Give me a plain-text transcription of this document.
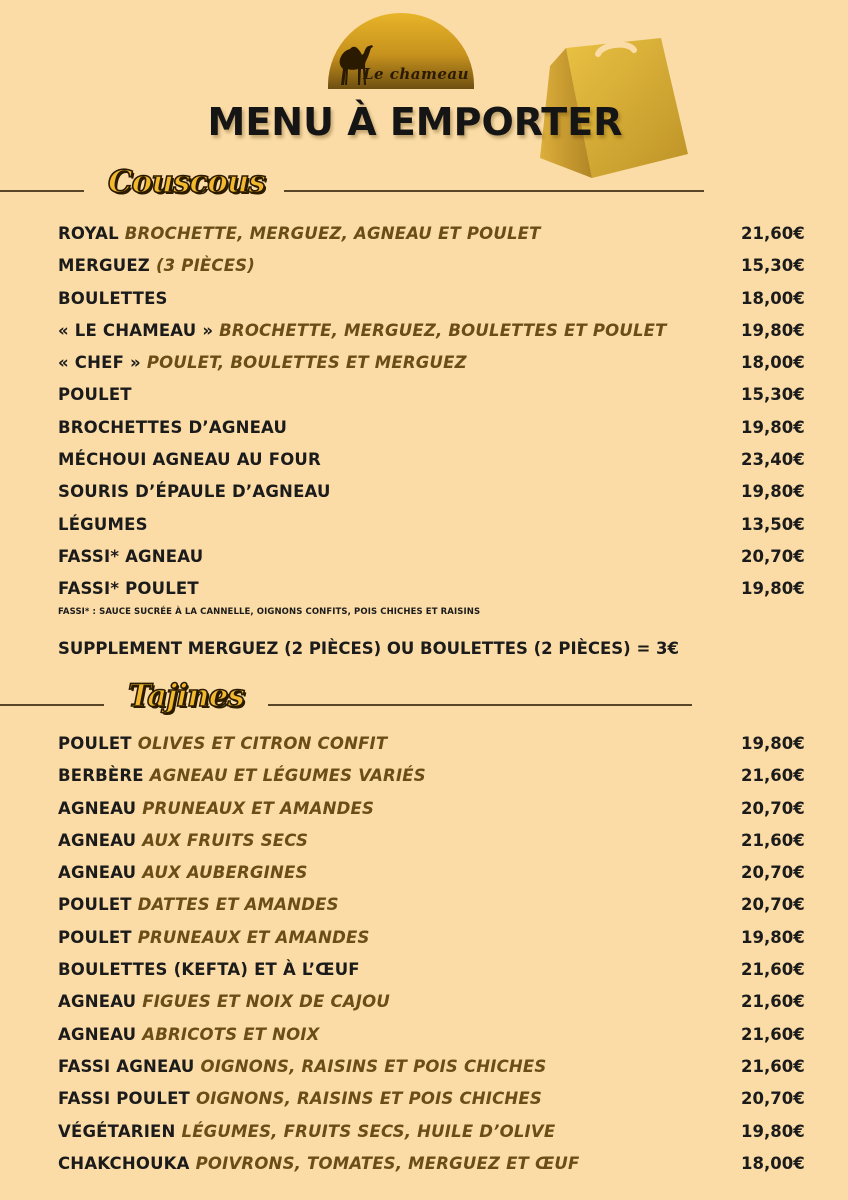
Le chameau
MENU À EMPORTER
Couscous
ROYAL BROCHETTE, MERGUEZ, AGNEAU ET POULET	21,60€
MERGUEZ (3 PIÈCES)	15,30€
BOULETTES	18,00€
« LE CHAMEAU » BROCHETTE, MERGUEZ, BOULETTES ET POULET	19,80€
« CHEF » POULET, BOULETTES ET MERGUEZ	18,00€
POULET	15,30€
BROCHETTES D’AGNEAU	19,80€
MÉCHOUI AGNEAU AU FOUR	23,40€
SOURIS D’ÉPAULE D’AGNEAU	19,80€
LÉGUMES	13,50€
FASSI* AGNEAU	20,70€
FASSI* POULET	19,80€
FASSI* : SAUCE SUCRÉE À LA CANNELLE, OIGNONS CONFITS, POIS CHICHES ET RAISINS
SUPPLEMENT MERGUEZ (2 PIÈCES) OU BOULETTES (2 PIÈCES) = 3€
Tajines
POULET OLIVES ET CITRON CONFIT	19,80€
BERBÈRE AGNEAU ET LÉGUMES VARIÉS	21,60€
AGNEAU PRUNEAUX ET AMANDES	20,70€
AGNEAU AUX FRUITS SECS	21,60€
AGNEAU AUX AUBERGINES	20,70€
POULET DATTES ET AMANDES	20,70€
POULET PRUNEAUX ET AMANDES	19,80€
BOULETTES (KEFTA) ET À L’ŒUF	21,60€
AGNEAU FIGUES ET NOIX DE CAJOU	21,60€
AGNEAU ABRICOTS ET NOIX	21,60€
FASSI AGNEAU OIGNONS, RAISINS ET POIS CHICHES	21,60€
FASSI POULET OIGNONS, RAISINS ET POIS CHICHES	20,70€
VÉGÉTARIEN LÉGUMES, FRUITS SECS, HUILE D’OLIVE	19,80€
CHAKCHOUKA POIVRONS, TOMATES, MERGUEZ ET ŒUF	18,00€
